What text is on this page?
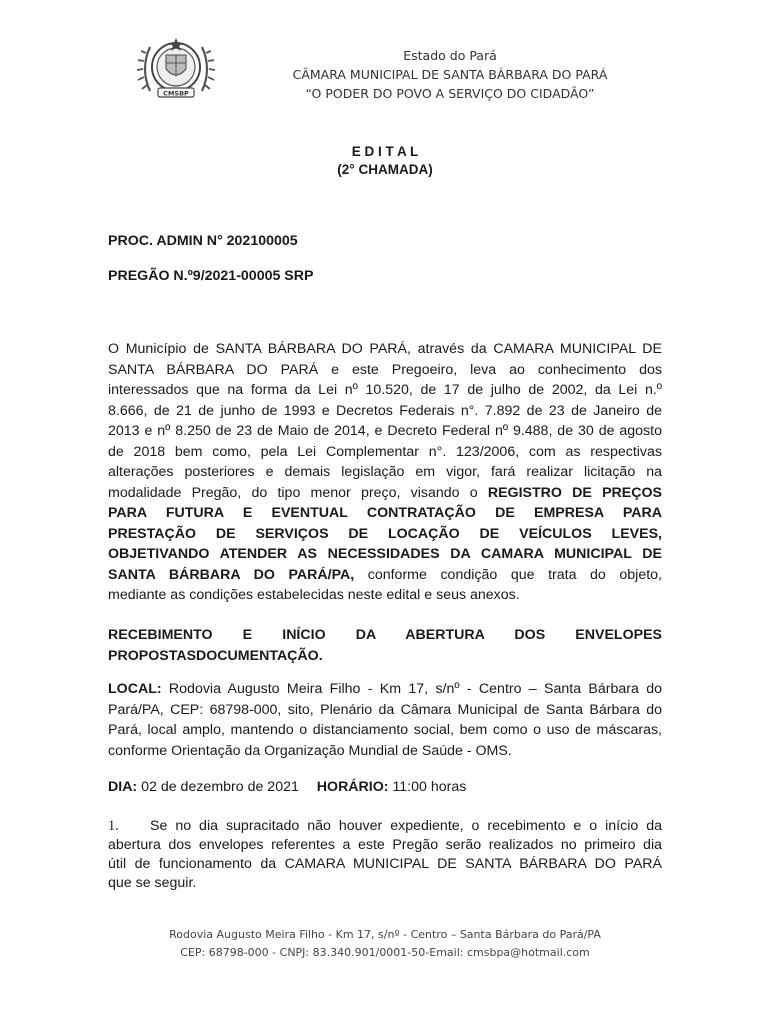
CMSBP
Estado do Pará
CÂMARA MUNICIPAL DE SANTA BÁRBARA DO PARÁ
“O PODER DO POVO A SERVIÇO DO CIDADÃO”
E D I T A L
(2° CHAMADA)
PROC. ADMIN N° 202100005
PREGÃO N.º9/2021-00005 SRP
O Município de SANTA BÁRBARA DO PARÁ, através da CAMARA MUNICIPAL DE
SANTA BÁRBARA DO PARÁ e este Pregoeiro, leva ao conhecimento dos
interessados que na forma da Lei nº 10.520, de 17 de julho de 2002, da Lei n.º
8.666, de 21 de junho de 1993 e Decretos Federais n°. 7.892 de 23 de Janeiro de
2013 e nº 8.250 de 23 de Maio de 2014, e Decreto Federal nº 9.488, de 30 de agosto
de 2018 bem como, pela Lei Complementar n°. 123/2006, com as respectivas
alterações posteriores e demais legislação em vigor, fará realizar licitação na
modalidade Pregão, do tipo menor preço, visando o REGISTRO DE PREÇOS
PARA FUTURA E EVENTUAL CONTRATAÇÃO DE EMPRESA PARA
PRESTAÇÃO DE SERVIÇOS DE LOCAÇÃO DE VEÍCULOS LEVES,
OBJETIVANDO ATENDER AS NECESSIDADES DA CAMARA MUNICIPAL DE
SANTA BÁRBARA DO PARÁ/PA, conforme condição que trata do objeto,
mediante as condições estabelecidas neste edital e seus anexos.
RECEBIMENTO E INÍCIO DA ABERTURA DOS ENVELOPES
PROPOSTASDOCUMENTAÇÃO.
LOCAL: Rodovia Augusto Meira Filho - Km 17, s/nº - Centro – Santa Bárbara do
Pará/PA, CEP: 68798-000, sito, Plenário da Câmara Municipal de Santa Bárbara do
Pará, local amplo, mantendo o distanciamento social, bem como o uso de máscaras,
conforme Orientação da Organização Mundial de Saúde - OMS.
DIA: 02 de dezembro de 2021 HORÁRIO: 11:00 horas
1. Se no dia supracitado não houver expediente, o recebimento e o início da
abertura dos envelopes referentes a este Pregão serão realizados no primeiro dia
útil de funcionamento da CAMARA MUNICIPAL DE SANTA BÁRBARA DO PARÁ
que se seguir.
Rodovia Augusto Meira Filho - Km 17, s/nº - Centro – Santa Bárbara do Pará/PA
CEP: 68798-000 - CNPJ: 83.340.901/0001-50-Email: cmsbpa@hotmail.com
